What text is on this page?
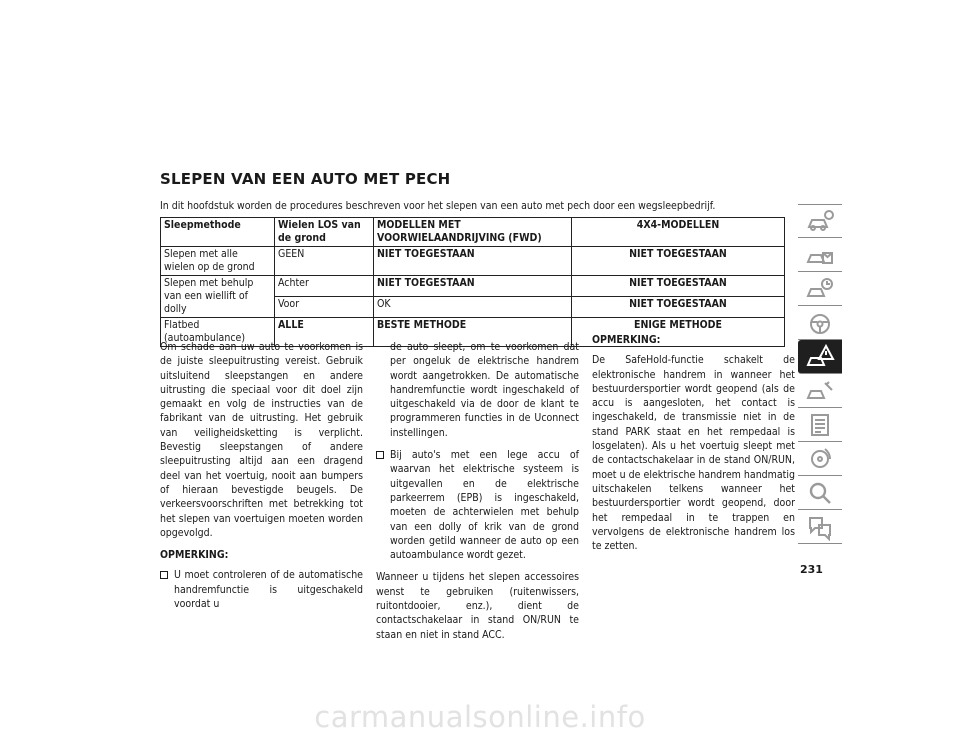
SLEPEN VAN EEN AUTO MET PECH

In dit hoofdstuk worden de procedures beschreven voor het slepen van een auto met pech door een wegsleepbedrijf.

Sleepmethode	Wielen LOS van de grond	MODELLEN MET VOORWIELAANDRIJVING (FWD)	4X4-MODELLEN
Slepen met alle wielen op de grond	GEEN	NIET TOEGESTAAN	NIET TOEGESTAAN
Slepen met behulp van een wiellift of dolly	Achter	NIET TOEGESTAAN	NIET TOEGESTAAN
	Voor	OK	NIET TOEGESTAAN
Flatbed (autoambulance)	ALLE	BESTE METHODE	ENIGE METHODE

Om schade aan uw auto te voorkomen is de juiste sleepuitrusting vereist. Gebruik uitsluitend sleepstangen en andere uitrusting die speciaal voor dit doel zijn gemaakt en volg de instructies van de fabrikant van de uitrusting. Het gebruik van veiligheidsketting is verplicht. Bevestig sleepstangen of andere sleepuitrusting altijd aan een dragend deel van het voertuig, nooit aan bumpers of hieraan bevestigde beugels. De verkeersvoorschriften met betrekking tot het slepen van voertuigen moeten worden opgevolgd.

OPMERKING:

U moet controleren of de automatische handremfunctie is uitgeschakeld voordat u

de auto sleept, om te voorkomen dat per ongeluk de elektrische handrem wordt aangetrokken. De automatische handremfunctie wordt ingeschakeld of uitgeschakeld via de door de klant te programmeren functies in de Uconnect instellingen.

Bij auto's met een lege accu of waarvan het elektrische systeem is uitgevallen en de elektrische parkeerrem (EPB) is ingeschakeld, moeten de achterwielen met behulp van een dolly of krik van de grond worden getild wanneer de auto op een autoambulance wordt gezet.

Wanneer u tijdens het slepen accessoires wenst te gebruiken (ruitenwissers, ruitontdooier, enz.), dient de contactschakelaar in stand ON/RUN te staan en niet in stand ACC.

OPMERKING:

De SafeHold-functie schakelt de elektronische handrem in wanneer het bestuurdersportier wordt geopend (als de accu is aangesloten, het contact is ingeschakeld, de transmissie niet in de stand PARK staat en het rempedaal is losgelaten). Als u het voertuig sleept met de contactschakelaar in de stand ON/RUN, moet u de elektrische handrem handmatig uitschakelen telkens wanneer het bestuurdersportier wordt geopend, door het rempedaal in te trappen en vervolgens de elektronische handrem los te zetten.

231

carmanualsonline.info
